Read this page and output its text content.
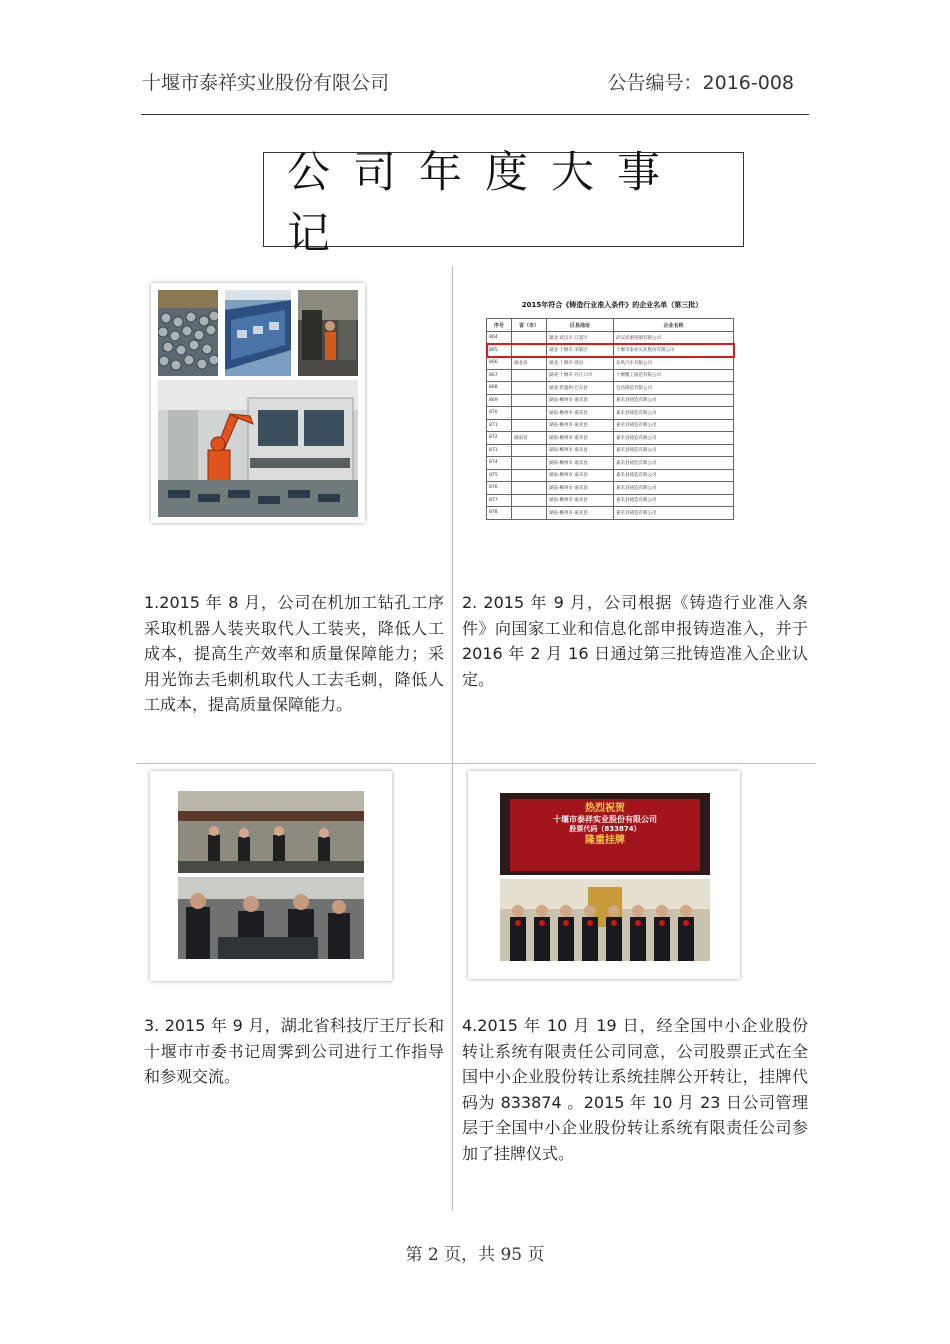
十堰市泰祥实业股份有限公司	公告编号：2016-008
公司年度大事记
2015年符合《铸造行业准入条件》的企业名单（第三批）
序号	省（市）	区县地址	企业名称
864		湖北·武汉市·江夏区	武汉武重铸锻有限公司
865		湖北·十堰市·茅箭区	十堰市泰祥实业股份有限公司
866	湖北省	湖北·十堰市·郧县	东风汽车有限公司
867		湖北·十堰市·丹江口市	十堰精工铸造有限公司
868		湖北·恩施州·巴东县	宜昌铸造有限公司
869		湖南·郴州市·嘉禾县	嘉禾县铸造有限公司
870		湖南·郴州市·嘉禾县	嘉禾县铸造有限公司
871		湖南·郴州市·嘉禾县	嘉禾县铸造有限公司
872	湖南省	湖南·郴州市·嘉禾县	嘉禾县铸造有限公司
873		湖南·郴州市·嘉禾县	嘉禾县铸造有限公司
874		湖南·郴州市·嘉禾县	嘉禾县铸造有限公司
875		湖南·郴州市·嘉禾县	嘉禾县铸造有限公司
876		湖南·郴州市·嘉禾县	嘉禾县铸造有限公司
877		湖南·郴州市·嘉禾县	嘉禾县铸造有限公司
878		湖南·郴州市·嘉禾县	嘉禾县铸造有限公司
热烈祝贺
十堰市泰祥实业股份有限公司
股票代码（833874）
隆重挂牌
1.2015 年 8 月，公司在机加工钻孔工序采取机器人装夹取代人工装夹，降低人工成本，提高生产效率和质量保障能力；采用光饰去毛刺机取代人工去毛刺，降低人工成本，提高质量保障能力。
2. 2015 年 9 月，公司根据《铸造行业准入条件》向国家工业和信息化部申报铸造准入，并于 2016 年 2 月 16 日通过第三批铸造准入企业认定。
3. 2015 年 9 月，湖北省科技厅王厅长和十堰市市委书记周霁到公司进行工作指导和参观交流。
4.2015 年 10 月 19 日，经全国中小企业股份转让系统有限责任公司同意，公司股票正式在全国中小企业股份转让系统挂牌公开转让，挂牌代码为 833874 。2015 年 10 月 23 日公司管理层于全国中小企业股份转让系统有限责任公司参加了挂牌仪式。
第 2 页，共 95 页
